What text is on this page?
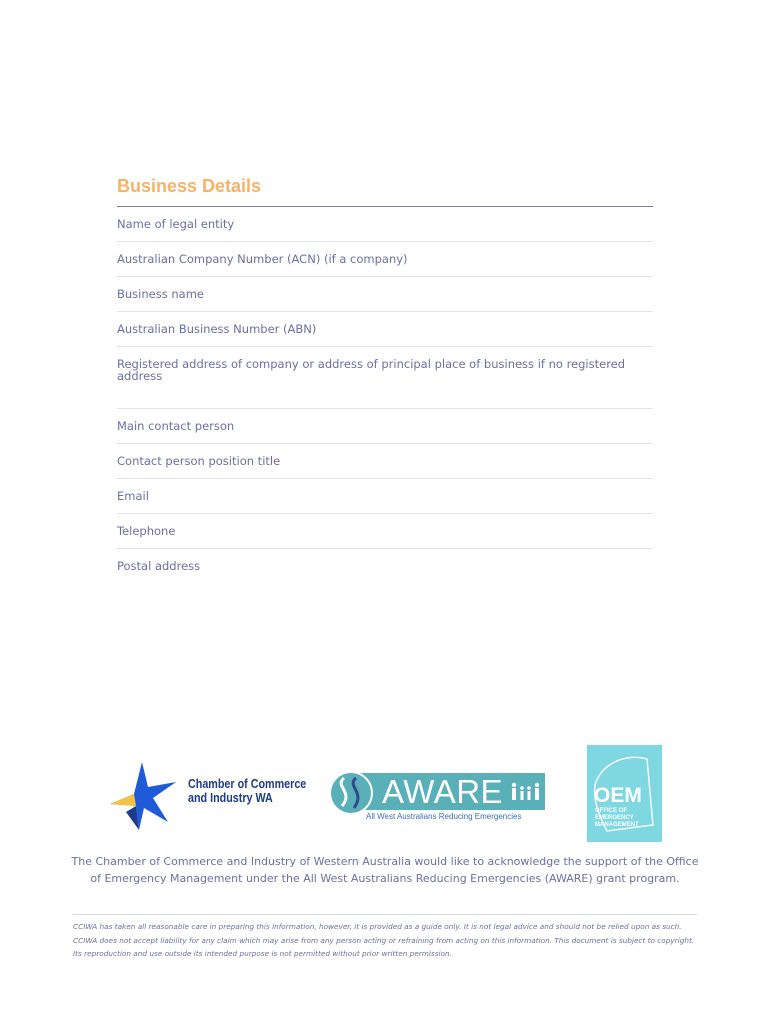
Business Details
Name of legal entity
Australian Company Number (ACN) (if a company)
Business name
Australian Business Number (ABN)
Registered address of company or address of principal place of business if no registered address
Main contact person
Contact person position title
Email
Telephone
Postal address
Chamber of Commerce
and Industry WA	AWARE
All West Australians Reducing Emergencies
OEM
OFFICE OF
EMERGENCY
MANAGEMENT

The Chamber of Commerce and Industry of Western Australia would like to acknowledge the support of the Office of Emergency Management under the All West Australians Reducing Emergencies (AWARE) grant program.

CCIWA has taken all reasonable care in preparing this information, however, it is provided as a guide only. It is not legal advice and should not be relied upon as such. CCIWA does not accept liability for any claim which may arise from any person acting or refraining from acting on this information. This document is subject to copyright. Its reproduction and use outside its intended purpose is not permitted without prior written permission.
